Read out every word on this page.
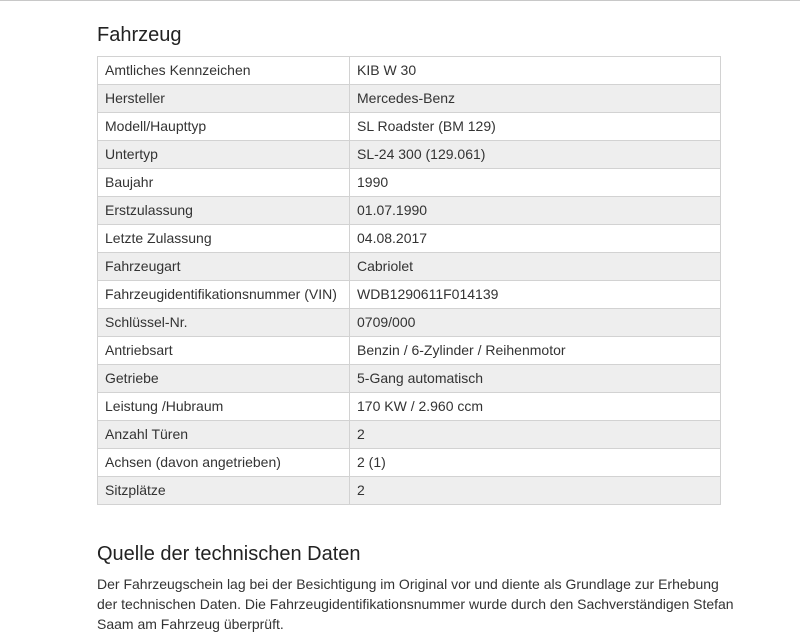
Fahrzeug
Amtliches Kennzeichen	KIB W 30
Hersteller	Mercedes-Benz
Modell/Haupttyp	SL Roadster (BM 129)
Untertyp	SL-24 300 (129.061)
Baujahr	1990
Erstzulassung	01.07.1990
Letzte Zulassung	04.08.2017
Fahrzeugart	Cabriolet
Fahrzeugidentifikationsnummer (VIN)	WDB1290611F014139
Schlüssel-Nr.	0709/000
Antriebsart	Benzin / 6-Zylinder / Reihenmotor
Getriebe	5-Gang automatisch
Leistung /Hubraum	170 KW / 2.960 ccm
Anzahl Türen	2
Achsen (davon angetrieben)	2 (1)
Sitzplätze	2
Quelle der technischen Daten

Der Fahrzeugschein lag bei der Besichtigung im Original vor und diente als Grundlage zur Erhebung der technischen Daten. Die Fahrzeugidentifikationsnummer wurde durch den Sachverständigen Stefan Saam am Fahrzeug überprüft.
